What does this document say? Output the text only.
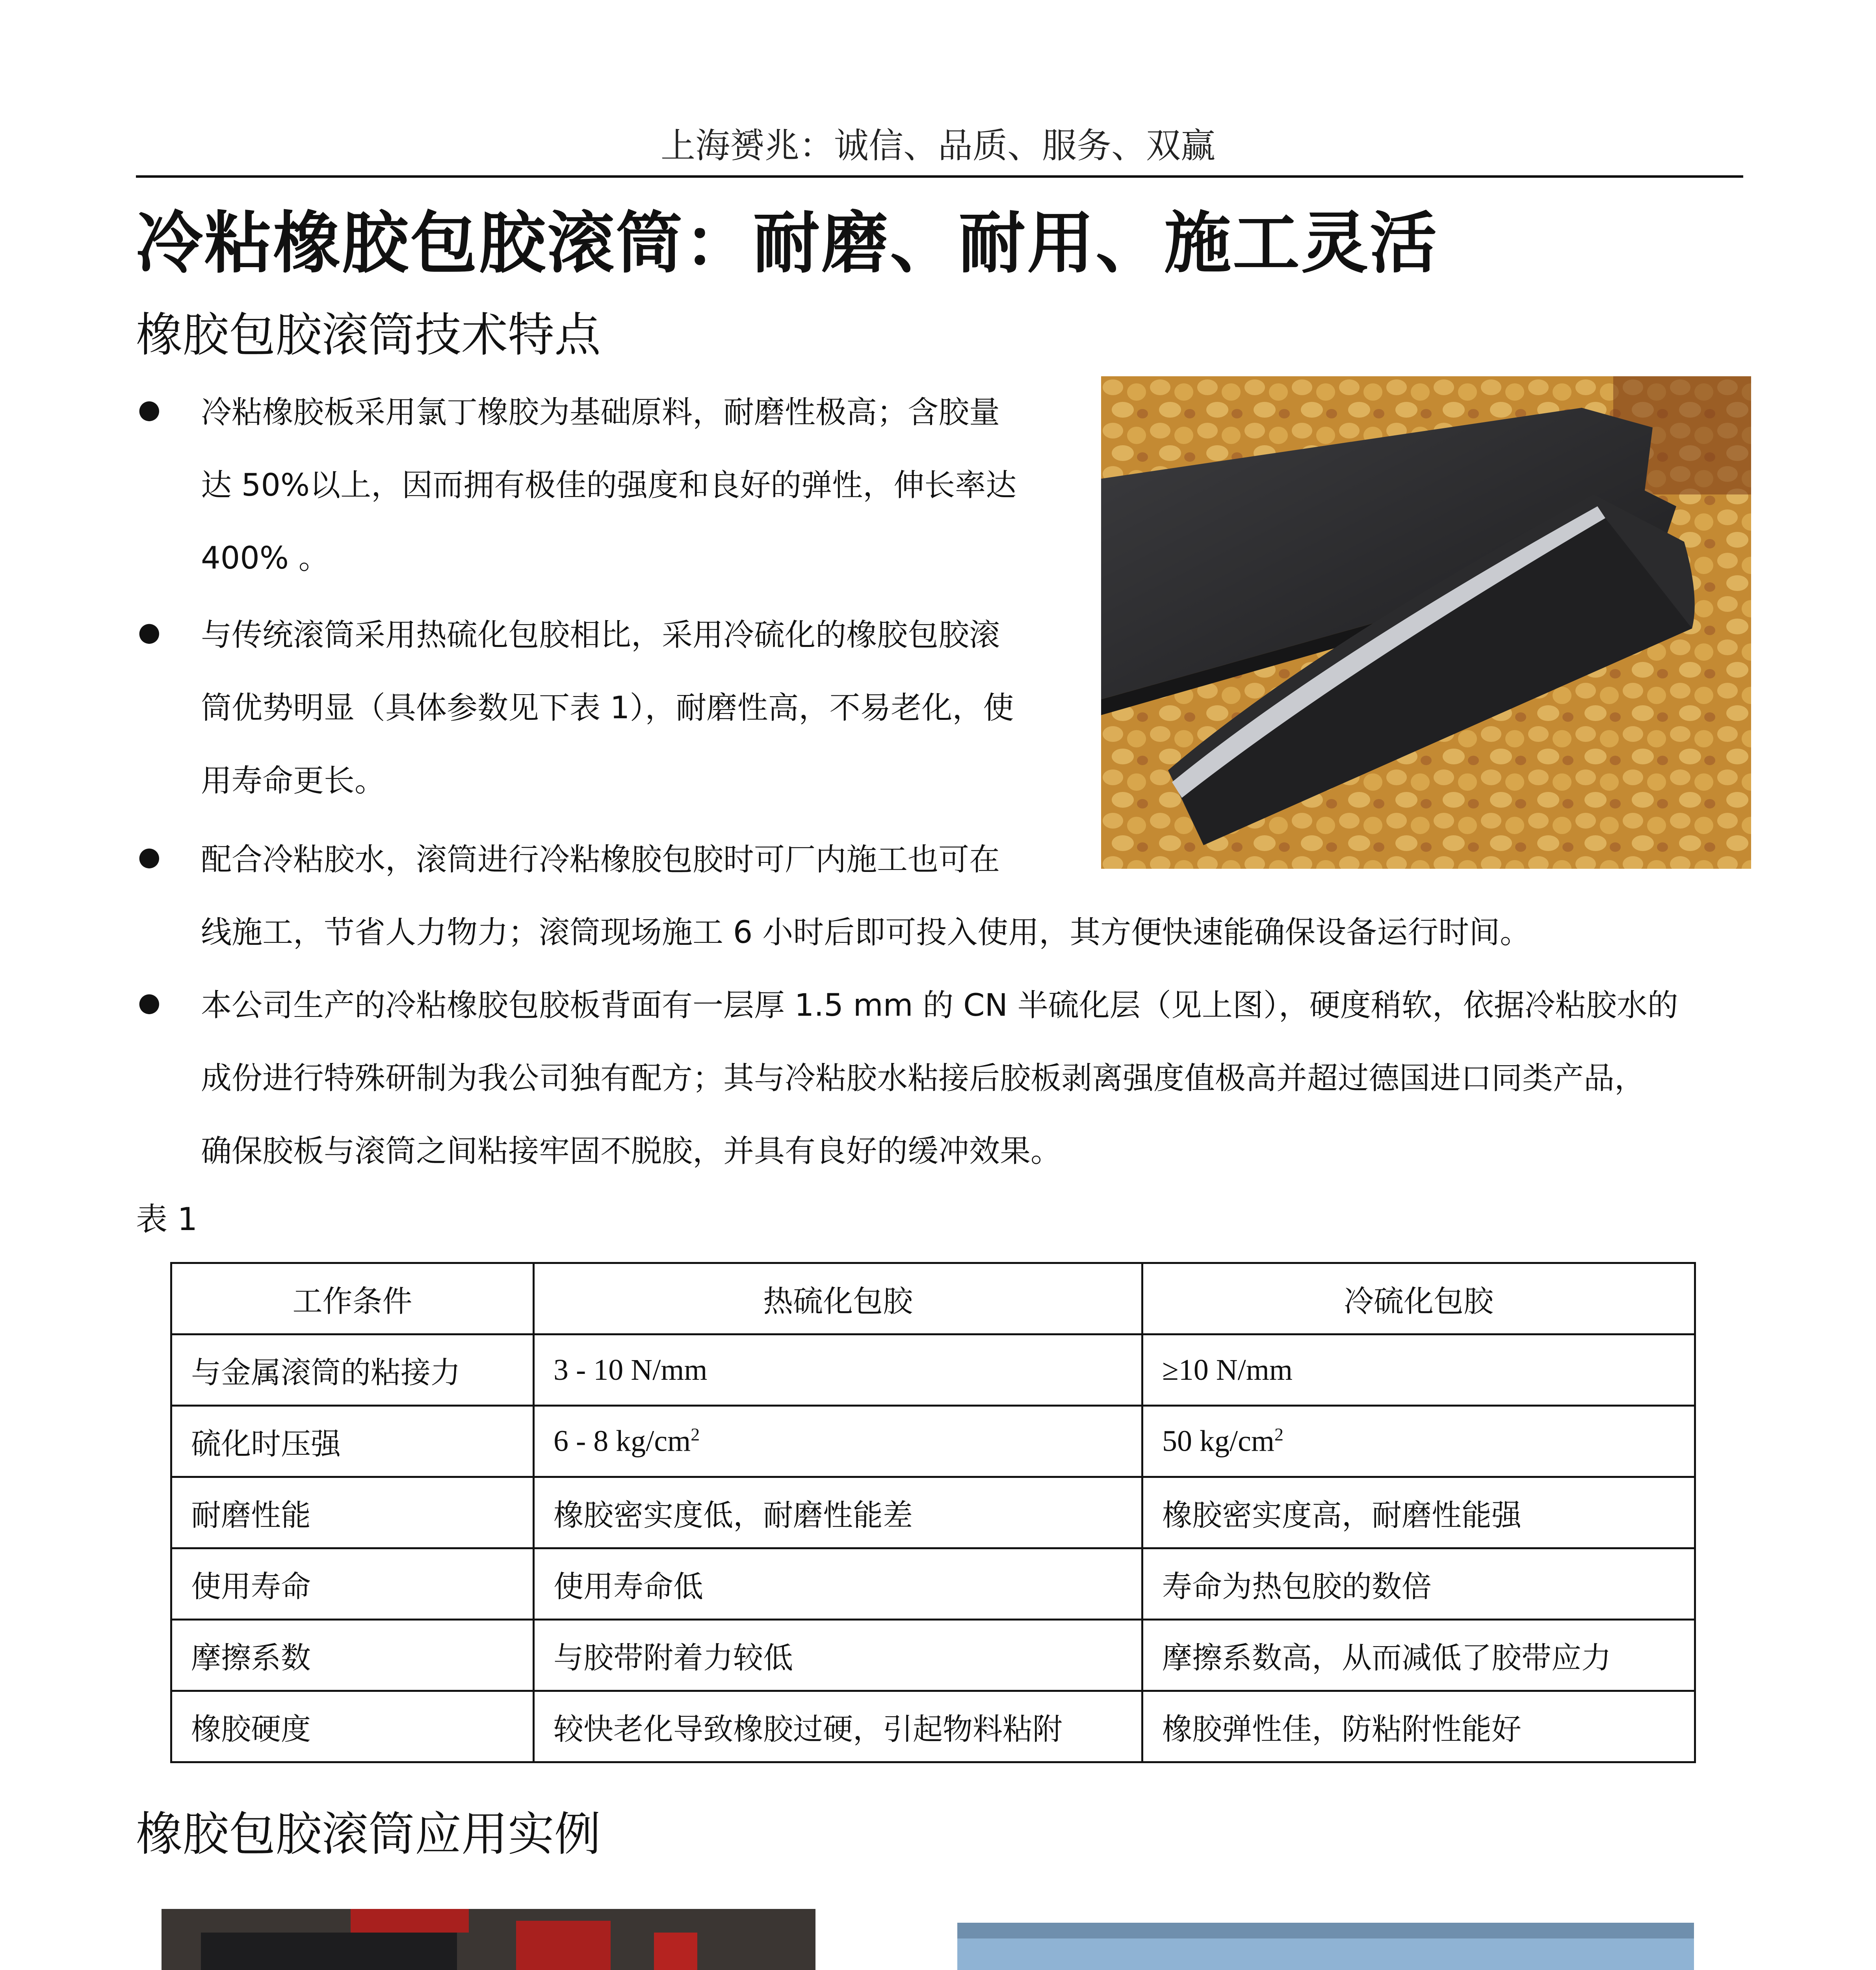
上海赟兆：诚信、品质、服务、双赢
冷粘橡胶包胶滚筒：耐磨、耐用、施工灵活
橡胶包胶滚筒技术特点
● 冷粘橡胶板采用氯丁橡胶为基础原料，耐磨性极高；含胶量
达 50%以上，因而拥有极佳的强度和良好的弹性，伸长率达
400% 。
● 与传统滚筒采用热硫化包胶相比，采用冷硫化的橡胶包胶滚
筒优势明显（具体参数见下表 1），耐磨性高，不易老化，使
用寿命更长。
● 配合冷粘胶水，滚筒进行冷粘橡胶包胶时可厂内施工也可在
线施工，节省人力物力；滚筒现场施工 6 小时后即可投入使用，其方便快速能确保设备运行时间。
● 本公司生产的冷粘橡胶包胶板背面有一层厚 1.5 mm 的 CN 半硫化层（见上图），硬度稍软，依据冷粘胶水的
成份进行特殊研制为我公司独有配方；其与冷粘胶水粘接后胶板剥离强度值极高并超过德国进口同类产品，
确保胶板与滚筒之间粘接牢固不脱胶，并具有良好的缓冲效果。
表 1
工作条件	热硫化包胶	冷硫化包胶
与金属滚筒的粘接力	3 - 10 N/mm	≥10 N/mm
硫化时压强	6 - 8 $kg/cm^2$	50 $kg/cm^2$
耐磨性能	橡胶密实度低，耐磨性能差	橡胶密实度高，耐磨性能强
使用寿命	使用寿命低	寿命为热包胶的数倍
摩擦系数	与胶带附着力较低	摩擦系数高，从而减低了胶带应力
橡胶硬度	较快老化导致橡胶过硬，引起物料粘附	橡胶弹性佳，防粘附性能好
橡胶包胶滚筒应用实例
